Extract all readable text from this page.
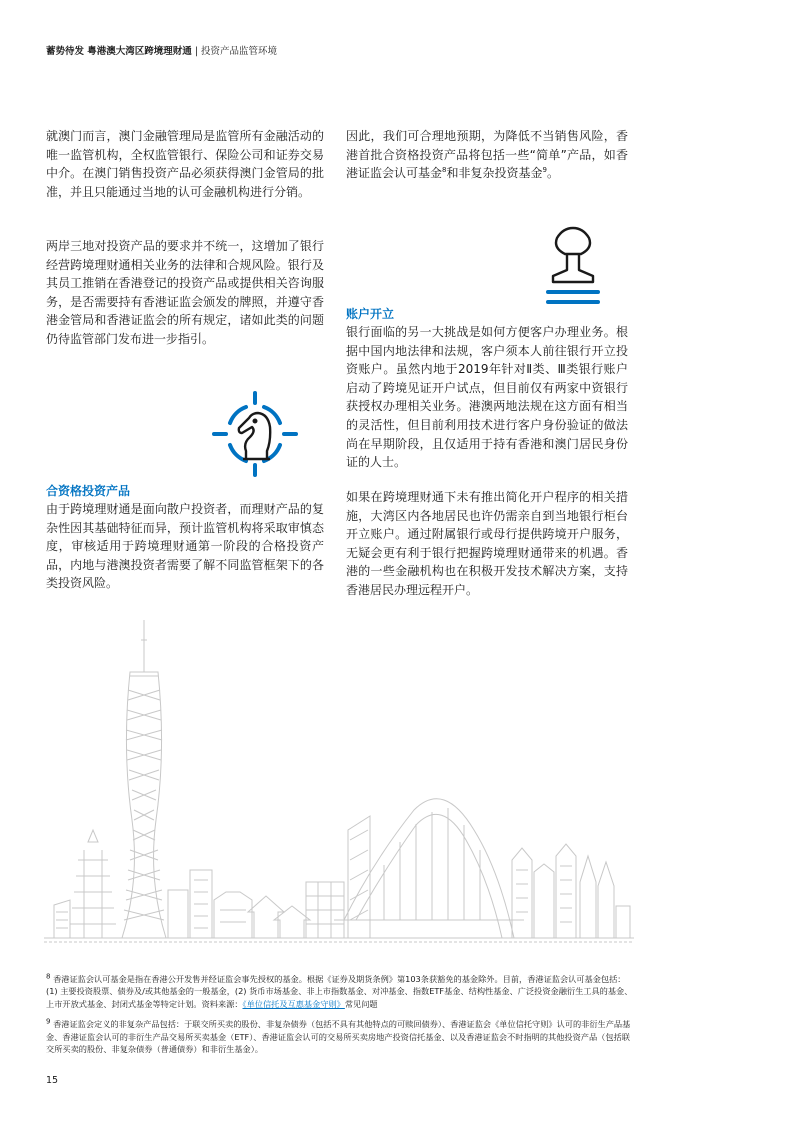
蓄势待发 粤港澳大湾区跨境理财通 | 投资产品监管环境

就澳门而言，澳门金融管理局是监管所有金融活动的唯一监管机构，全权监管银行、保险公司和证券交易中介。在澳门销售投资产品必须获得澳门金管局的批准，并且只能通过当地的认可金融机构进行分销。

两岸三地对投资产品的要求并不统一，这增加了银行经营跨境理财通相关业务的法律和合规风险。银行及其员工推销在香港登记的投资产品或提供相关咨询服务，是否需要持有香港证监会颁发的牌照，并遵守香港金管局和香港证监会的所有规定，诸如此类的问题仍待监管部门发布进一步指引。

合资格投资产品

由于跨境理财通是面向散户投资者，而理财产品的复杂性因其基础特征而异，预计监管机构将采取审慎态度，审核适用于跨境理财通第一阶段的合格投资产品，内地与港澳投资者需要了解不同监管框架下的各类投资风险。

因此，我们可合理地预期，为降低不当销售风险，香港首批合资格投资产品将包括一些“简单”产品，如香港证监会认可基金$^8$和非复杂投资基金$^9$。

账户开立

银行面临的另一大挑战是如何方便客户办理业务。根据中国内地法律和法规，客户须本人前往银行开立投资账户。虽然内地于2019年针对Ⅱ类、Ⅲ类银行账户启动了跨境见证开户试点，但目前仅有两家中资银行获授权办理相关业务。港澳两地法规在这方面有相当的灵活性，但目前利用技术进行客户身份验证的做法尚在早期阶段，且仅适用于持有香港和澳门居民身份证的人士。

如果在跨境理财通下未有推出简化开户程序的相关措施，大湾区内各地居民也许仍需亲自到当地银行柜台开立账户。通过附属银行或母行提供跨境开户服务，无疑会更有利于银行把握跨境理财通带来的机遇。香港的一些金融机构也在积极开发技术解决方案，支持香港居民办理远程开户。

$^8$ 香港证监会认可基金是指在香港公开发售并经证监会事先授权的基金。根据《证券及期货条例》第103条获豁免的基金除外。目前，香港证监会认可基金包括：(1) 主要投资股票、债券及/或其他基金的一般基金，(2) 货币市场基金、非上市指数基金、对冲基金、指数ETF基金、结构性基金、广泛投资金融衍生工具的基金、上市开放式基金、封闭式基金等特定计划。资料来源：《单位信托及互惠基金守则》常见问题

$^9$ 香港证监会定义的非复杂产品包括：于联交所买卖的股份、非复杂债券（包括不具有其他特点的可赎回债券）、香港证监会《单位信托守则》认可的非衍生产品基金、香港证监会认可的非衍生产品交易所买卖基金（ETF）、香港证监会认可的交易所买卖房地产投资信托基金、以及香港证监会不时指明的其他投资产品（包括联交所买卖的股份、非复杂债券（普通债券）和非衍生基金）。

15
